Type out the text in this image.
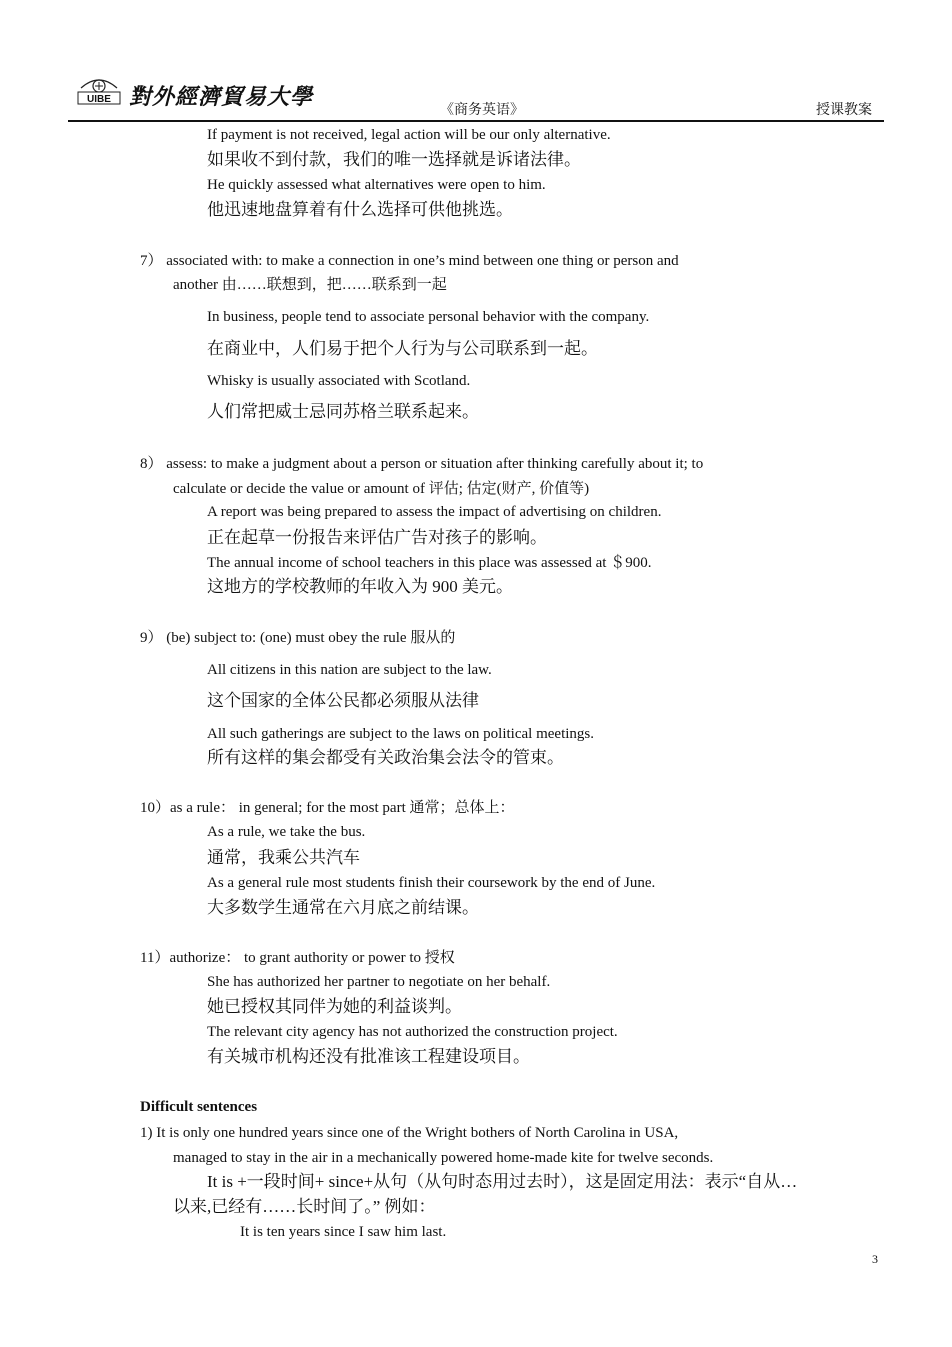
UIBE 對外經濟貿易大學
《商务英语》	授课教案
If payment is not received, legal action will be our only alternative.
如果收不到付款，我们的唯一选择就是诉诸法律。
He quickly assessed what alternatives were open to him.
他迅速地盘算着有什么选择可供他挑选。
7） associated with: to make a connection in one’s mind between one thing or person and
another 由……联想到，把……联系到一起
In business, people tend to associate personal behavior with the company.
在商业中，人们易于把个人行为与公司联系到一起。
Whisky is usually associated with Scotland.
人们常把威士忌同苏格兰联系起来。
8） assess: to make a judgment about a person or situation after thinking carefully about it; to
calculate or decide the value or amount of 评估; 估定(财产, 价值等)
A report was being prepared to assess the impact of advertising on children.
正在起草一份报告来评估广告对孩子的影响。
The annual income of school teachers in this place was assessed at ＄900.
这地方的学校教师的年收入为 900 美元。
9） (be) subject to: (one) must obey the rule 服从的
All citizens in this nation are subject to the law.
这个国家的全体公民都必须服从法律
All such gatherings are subject to the laws on political meetings.
所有这样的集会都受有关政治集会法令的管束。
10）as a rule： in general; for the most part 通常；总体上：
As a rule, we take the bus.
通常，我乘公共汽车
As a general rule most students finish their coursework by the end of June.
大多数学生通常在六月底之前结课。
11）authorize： to grant authority or power to 授权
She has authorized her partner to negotiate on her behalf.
她已授权其同伴为她的利益谈判。
The relevant city agency has not authorized the construction project.
有关城市机构还没有批准该工程建设项目。
Difficult sentences
1) It is only one hundred years since one of the Wright bothers of North Carolina in USA,
managed to stay in the air in a mechanically powered home-made kite for twelve seconds.
It is +一段时间+ since+从句（从句时态用过去时），这是固定用法：表示“自从…
以来,已经有……长时间了。” 例如：
It is ten years since I saw him last.
3
